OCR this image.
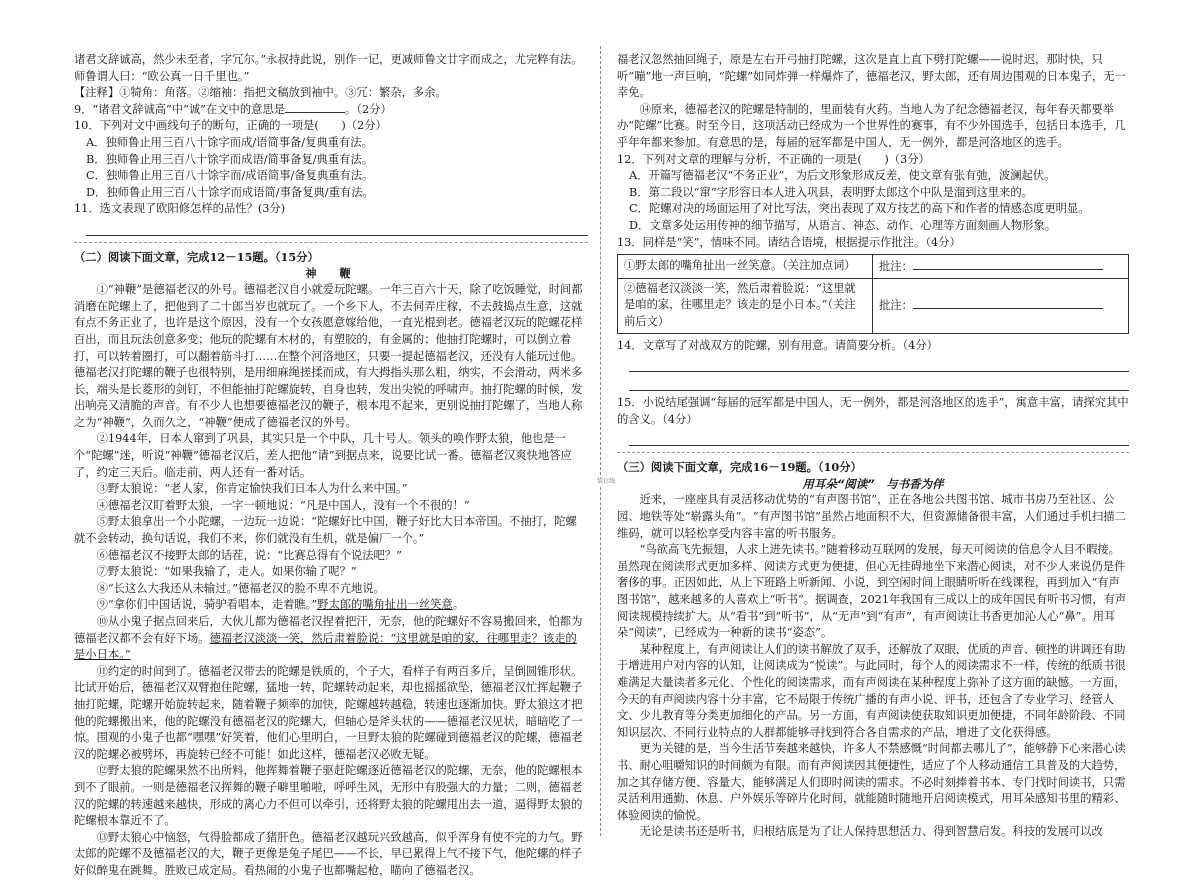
装订线

诸君文辞诚高，然少未至者，字冗尔。”永叔持此说，别作一记，更减师鲁文廿字而成之，尤完粹有法。师鲁谓人曰：“欧公真一日千里也。”

【注释】①犄角：角落。②缩袖：指把文稿放到袖中。③冗：繁杂，多余。

9．“诸君文辞诚高”中“诚”在文中的意思是	。（2分）

10．下列对文中画线句子的断句，正确的一项是(　　)（2分）

A．独师鲁止用三百八十馀字而成/语简事备/复典重有法。

B．独师鲁止用三百八十馀字而成语/简事备复/典重有法。

C．独师鲁止用三百八十馀字而/成语简事/备复典重有法。

D．独师鲁止用三百八十馀字而成语简/事备复典/重有法。

11．选文表现了欧阳修怎样的品性？(3分)

（二）阅读下面文章，完成12－15题。（15分）

神　鞭

①“神鞭”是德福老汉的外号。德福老汉自小就爱玩陀螺。一年三百六十天，除了吃饭睡觉，时间都消磨在陀螺上了，把他到了二十郎当岁也就玩了。一个乡下人，不去伺弄庄稼，不去鼓捣点生意，这就有点不务正业了，也许是这个原因，没有一个女孩愿意嫁给他，一直光棍到老。德福老汉玩的陀螺花样百出，而且玩法创意多变；他玩的陀螺有木材的，有塑胶的，有金属的；他抽打陀螺时，可以倒立着打，可以转着圈打，可以翻着筋斗打……在整个河洛地区，只要一提起德福老汉，还没有人能玩过他。德福老汉打陀螺的鞭子也很特别，是用细麻绳搓揉而成，有大拇指头那么粗，纳实，不会滑动，两米多长，端头是长菱形的剑钉，不但能抽打陀螺旋转，自身也转，发出尖锐的呼啸声。抽打陀螺的时候，发出响亮又清脆的声音。有不少人也想要德福老汉的鞭子，根本甩不起来，更别说抽打陀螺了，当地人称之为“神鞭”，久而久之，“神鞭”便成了德福老汉的外号。

②1944年，日本人窜到了巩县，其实只是一个中队，几十号人。领头的唤作野太狼，他也是一个“陀螺”迷，听说“神鞭”德福老汉后，差人把他“请”到据点来，说要比试一番。德福老汉爽快地答应了，约定三天后。临走前，两人还有一番对话。

③野太狼说：“老人家，你肯定愉快我们日本人为什么来中国。”

④德福老汉盯着野太狼，一字一顿地说：“凡是中国人，没有一个不很的！”

⑤野太狼拿出一个小陀螺，一边玩一边说：“陀螺好比中国，鞭子好比大日本帝国。不抽打，陀螺就不会转动，换句话说，我们不来，你们就没有生机，就是偏厂一个。”

⑥德福老汉不接野太郎的话茬，说：“比赛总得有个说法吧？”

⑦野太狼说：“如果我输了，走人。如果你输了呢？”

⑧“长这么大我还从未输过。”德福老汉的脸不卑不亢地说。

⑨“拿你们中国话说，骑驴看唱本，走着瞧。”野太郎的嘴角扯出一丝笑意。

⑩从小鬼子据点回来后，大伙儿都为德福老汉捏着把汗，无奈，他的陀螺好不容易搬回来，怕都为德福老汉都不会有好下场。德福老汉淡淡一笑，然后肃着脸说：“这里就是咱的家，往哪里走？该走的是小日本。”

⑪约定的时间到了。德福老汉带去的陀螺是铁质的，个子大，看样子有两百多斤，呈倒圆锥形状。比试开始后，德福老汉双臂抱住陀螺，猛地一转，陀螺转动起来，却也摇摇欲坠，德福老汉忙挥起鞭子抽打陀螺，陀螺开始旋转起来，随着鞭子频率的加快，陀螺越转越稳，转速也逐渐加快。野太狼这才把他的陀螺搬出来，他的陀螺没有德福老汉的陀螺大，但轴心是斧头状的——德福老汉见状，暗暗吃了一惊。围观的小鬼子也都“嘿嘿”好笑着，他们心里明白，一旦野太狼的陀螺碰到德福老汉的陀螺，德福老汉的陀螺必被劈坏，再旋转已经不可能！如此这样，德福老汉必败无疑。

⑫野太狼的陀螺果然不出所料，他挥舞着鞭子驱赶陀螺逐近德福老汉的陀螺，无奈，他的陀螺根本到不了眼前。一则是德福老汉挥舞的鞭子噼里啪啦，呼呼生风，无形中有股强大的力量；二则，德福老汉的陀螺的转速越来越快，形成的离心力不但可以牵引，还将野太狼的陀螺甩出去一道，逼得野太狼的陀螺根本靠近不了。

⑬野太狼心中恼怒，气得脸都成了猪肝色。德福老汉越玩兴致越高，似乎浑身有使不完的力气。野太郎的陀螺不及德福老汉的大，鞭子更像是兔子尾巴——不长，早已累得上气不接下气，他陀螺的样子好似醉鬼在跳舞。胜败已成定局。看热闹的小鬼子也都嘴起枪，瞄向了德福老汉。

福老汉忽然抽回绳子，原是左右开弓抽打陀螺，这次是直上直下劈打陀螺——说时迟，那时快，只听“嘣”地一声巨响，“陀螺”如同炸弹一样爆炸了，德福老汉，野太郎，还有周边围观的日本鬼子，无一幸免。

⑭原来，德福老汉的陀螺是特制的，里面装有火药。当地人为了纪念德福老汉，每年春天都要举办“陀螺”比赛。时至今日，这项活动已经成为一个世界性的赛事，有不少外国选手，包括日本选手，几乎年年都来参加。有意思的是，每届的冠军都是中国人，无一例外，都是河洛地区的选手。

12．下列对文章的理解与分析，不正确的一项是(　　)（3分）

A．开篇写德福老汉“不务正业”，为后文形象形成反差，使文章有张有弛，波澜起伏。

B．第二段以“窜”字形容日本人进入巩县，表明野太郎这个中队是溜到这里来的。

C．陀螺对决的场面运用了对比写法，突出表现了双方技艺的高下和作者的情感态度更明显。

D．文章多处运用传神的细节描写，从语言、神态、动作、心理等方面刻画人物形象。

13．同样是“笑”，情味不同。请结合语境，根据提示作批注。（4分）

①野太郎的嘴角扯出一丝笑意。（关注加点词）	批注：
②德福老汉淡淡一笑，然后肃着脸说：“这里就是咱的家，往哪里走？该走的是小日本。”（关注前后文）	批注：

14．文章写了对战双方的陀螺，别有用意。请简要分析。（4分）

15．小说结尾强调“每届的冠军都是中国人，无一例外，都是河洛地区的选手”，寓意丰富，请探究其中的含义。（4分）

（三）阅读下面文章，完成16－19题。（10分）

用耳朵“阅读”　与书香为伴

近来，一座座具有灵活移动优势的“有声图书馆”，正在各地公共图书馆、城市书房乃至社区、公园、地铁等处“崭露头角”。“有声图书馆”虽然占地面积不大，但资源储备很丰富，人们通过手机扫描二维码，就可以轻松享受内容丰富的听书服务。

“鸟欲高飞先振翅，人求上进先读书。”随着移动互联网的发展，每天可阅读的信息令人目不暇接。虽然现在阅读形式更加多样、阅读方式更为便捷，但心无挂碍地坐下来潜心阅读，对不少人来说仍是件奢侈的事。正因如此，从上下班路上听新闻、小说，到空闲时间上眼睛听听在线课程，再到加入“有声图书馆”，越来越多的人喜欢上“听书”。据调查，2021年我国有三成以上的成年国民有听书习惯，有声阅读规模持续扩大。从“看书”到“听书”，从“无声”到“有声”，有声阅读让书香更加沁人心“鼻”。用耳朵“阅读”，已经成为一种新的读书“姿态”。

某种程度上，有声阅读让人们的读书解放了双手，还解放了双眼，优质的声音、顿挫的讲调还有助于增进用户对内容的认知，让阅读成为“悦读”。与此同时，每个人的阅读需求不一样，传统的纸质书很难满足大量读者多元化、个性化的阅读需求，而有声阅读在某种程度上弥补了这方面的缺憾。一方面，今天的有声阅读内容十分丰富，它不局限于传统广播的有声小说、评书，还包含了专业学习、经管人文、少儿教育等分类更加细化的产品。另一方面，有声阅读使获取知识更加便捷，不同年龄阶段、不同知识层次、不同行业特点的人群都能够寻找到符合各自需求的产品，增进了文化获得感。

更为关键的是，当今生活节奏越来越快，许多人不禁感慨“时间都去哪儿了”，能够静下心来潜心读书、耐心咀嚼知识的时间颇为有限。而有声阅读因其便捷性，适应了个人移动通信工具普及的大趋势，加之其存储方便、容量大，能够满足人们即时阅读的需求。不必时刻捧着书本、专门找时间读书，只需灵活利用通勤、休息、户外娱乐等碎片化时间，就能随时随地开启阅读模式，用耳朵感知书里的精彩、体验阅读的愉悦。

无论是读书还是听书，归根结底是为了让人保持思想活力、得到智慧启发。科技的发展可以改
